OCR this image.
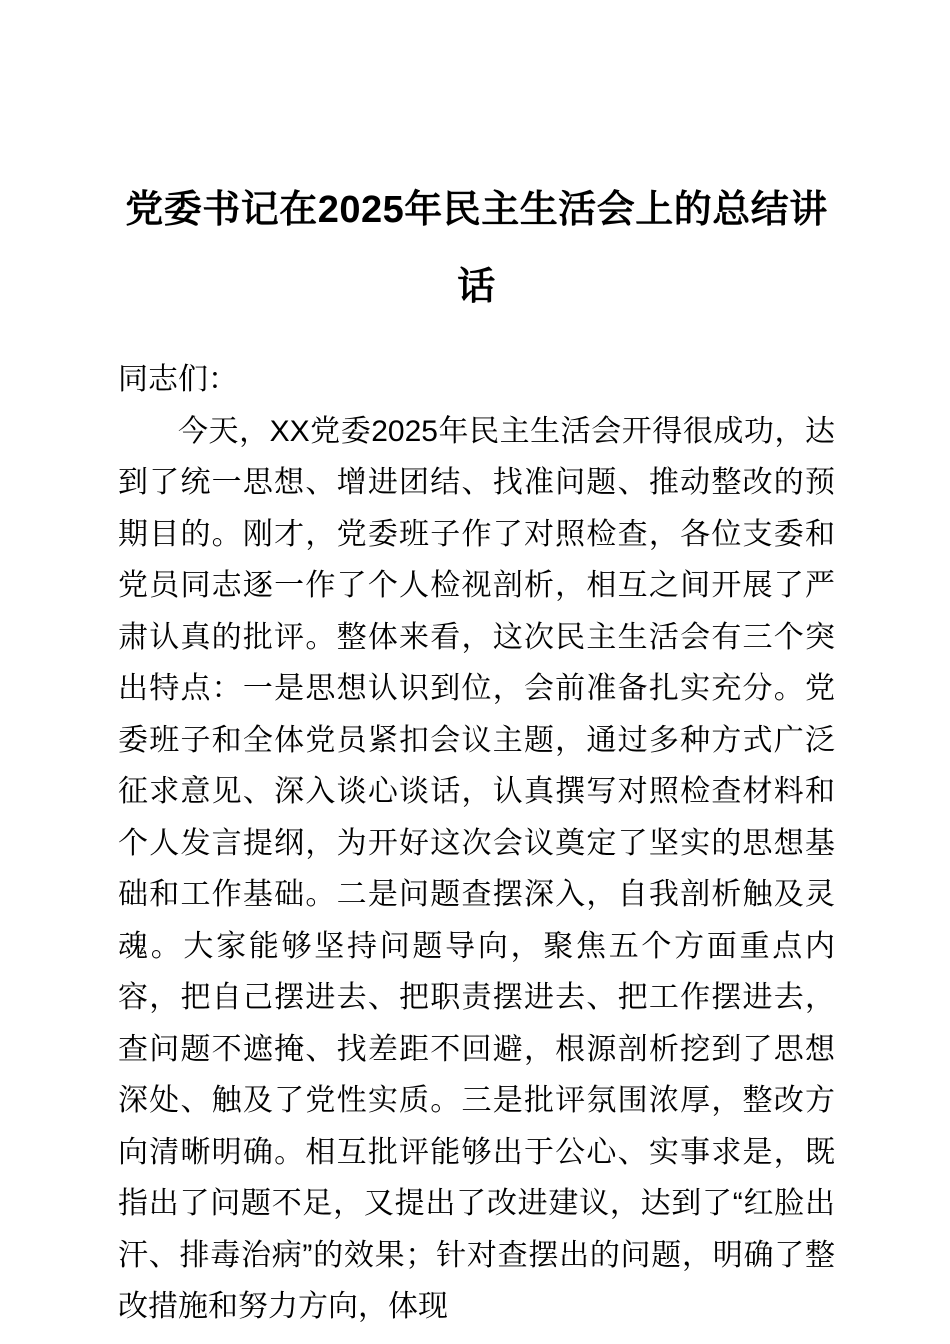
党委书记在2025年民主生活会上的总结讲话

同志们：

今天，XX党委2025年民主生活会开得很成功，达到了统一思想、增进团结、找准问题、推动整改的预期目的。刚才，党委班子作了对照检查，各位支委和党员同志逐一作了个人检视剖析，相互之间开展了严肃认真的批评。整体来看，这次民主生活会有三个突出特点：一是思想认识到位，会前准备扎实充分。党委班子和全体党员紧扣会议主题，通过多种方式广泛征求意见、深入谈心谈话，认真撰写对照检查材料和个人发言提纲，为开好这次会议奠定了坚实的思想基础和工作基础。二是问题查摆深入，自我剖析触及灵魂。大家能够坚持问题导向，聚焦五个方面重点内容，把自己摆进去、把职责摆进去、把工作摆进去，查问题不遮掩、找差距不回避，根源剖析挖到了思想深处、触及了党性实质。三是批评氛围浓厚，整改方向清晰明确。相互批评能够出于公心、实事求是，既指出了问题不足，又提出了改进建议，达到了“红脸出汗、排毒治病”的效果；针对查摆出的问题，明确了整改措施和努力方向，体现
